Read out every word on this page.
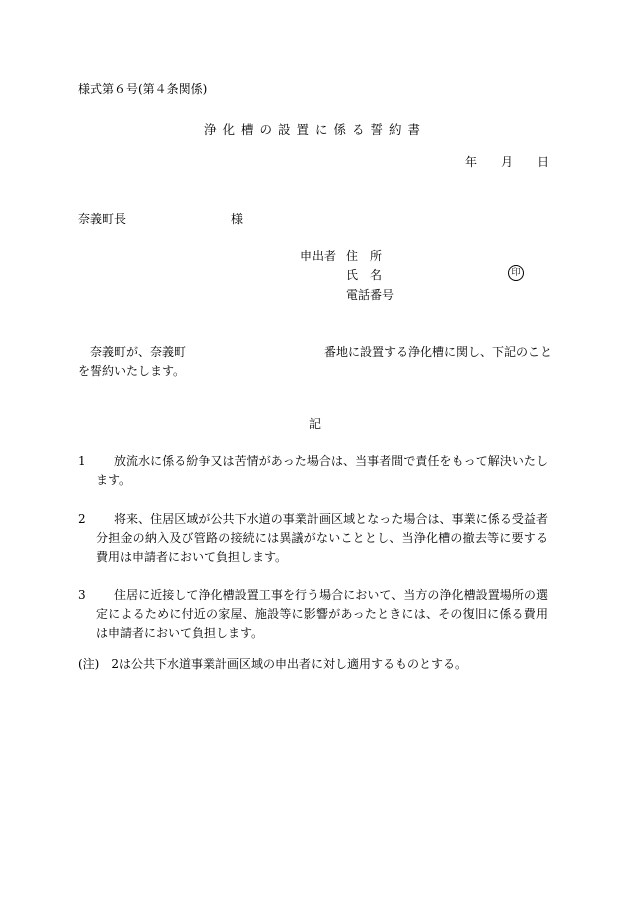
様式第６号(第４条関係)
浄化槽の設置に係る誓約書
年 月 日
奈義町長	様
申出者 住　所
氏　名	印
電話番号
奈義町が、奈義町	番地に設置する浄化槽に関し、下記のこと
を誓約いたします。
記
1	放流水に係る紛争又は苦情があった場合は、当事者間で責任をもって解決いたします。
2	将来、住居区域が公共下水道の事業計画区域となった場合は、事業に係る受益者分担金の納入及び管路の接続には異議がないこととし、当浄化槽の撤去等に要する費用は申請者において負担します。
3	住居に近接して浄化槽設置工事を行う場合において、当方の浄化槽設置場所の選定によるために付近の家屋、施設等に影響があったときには、その復旧に係る費用は申請者において負担します。
(注)　2は公共下水道事業計画区域の申出者に対し適用するものとする。
